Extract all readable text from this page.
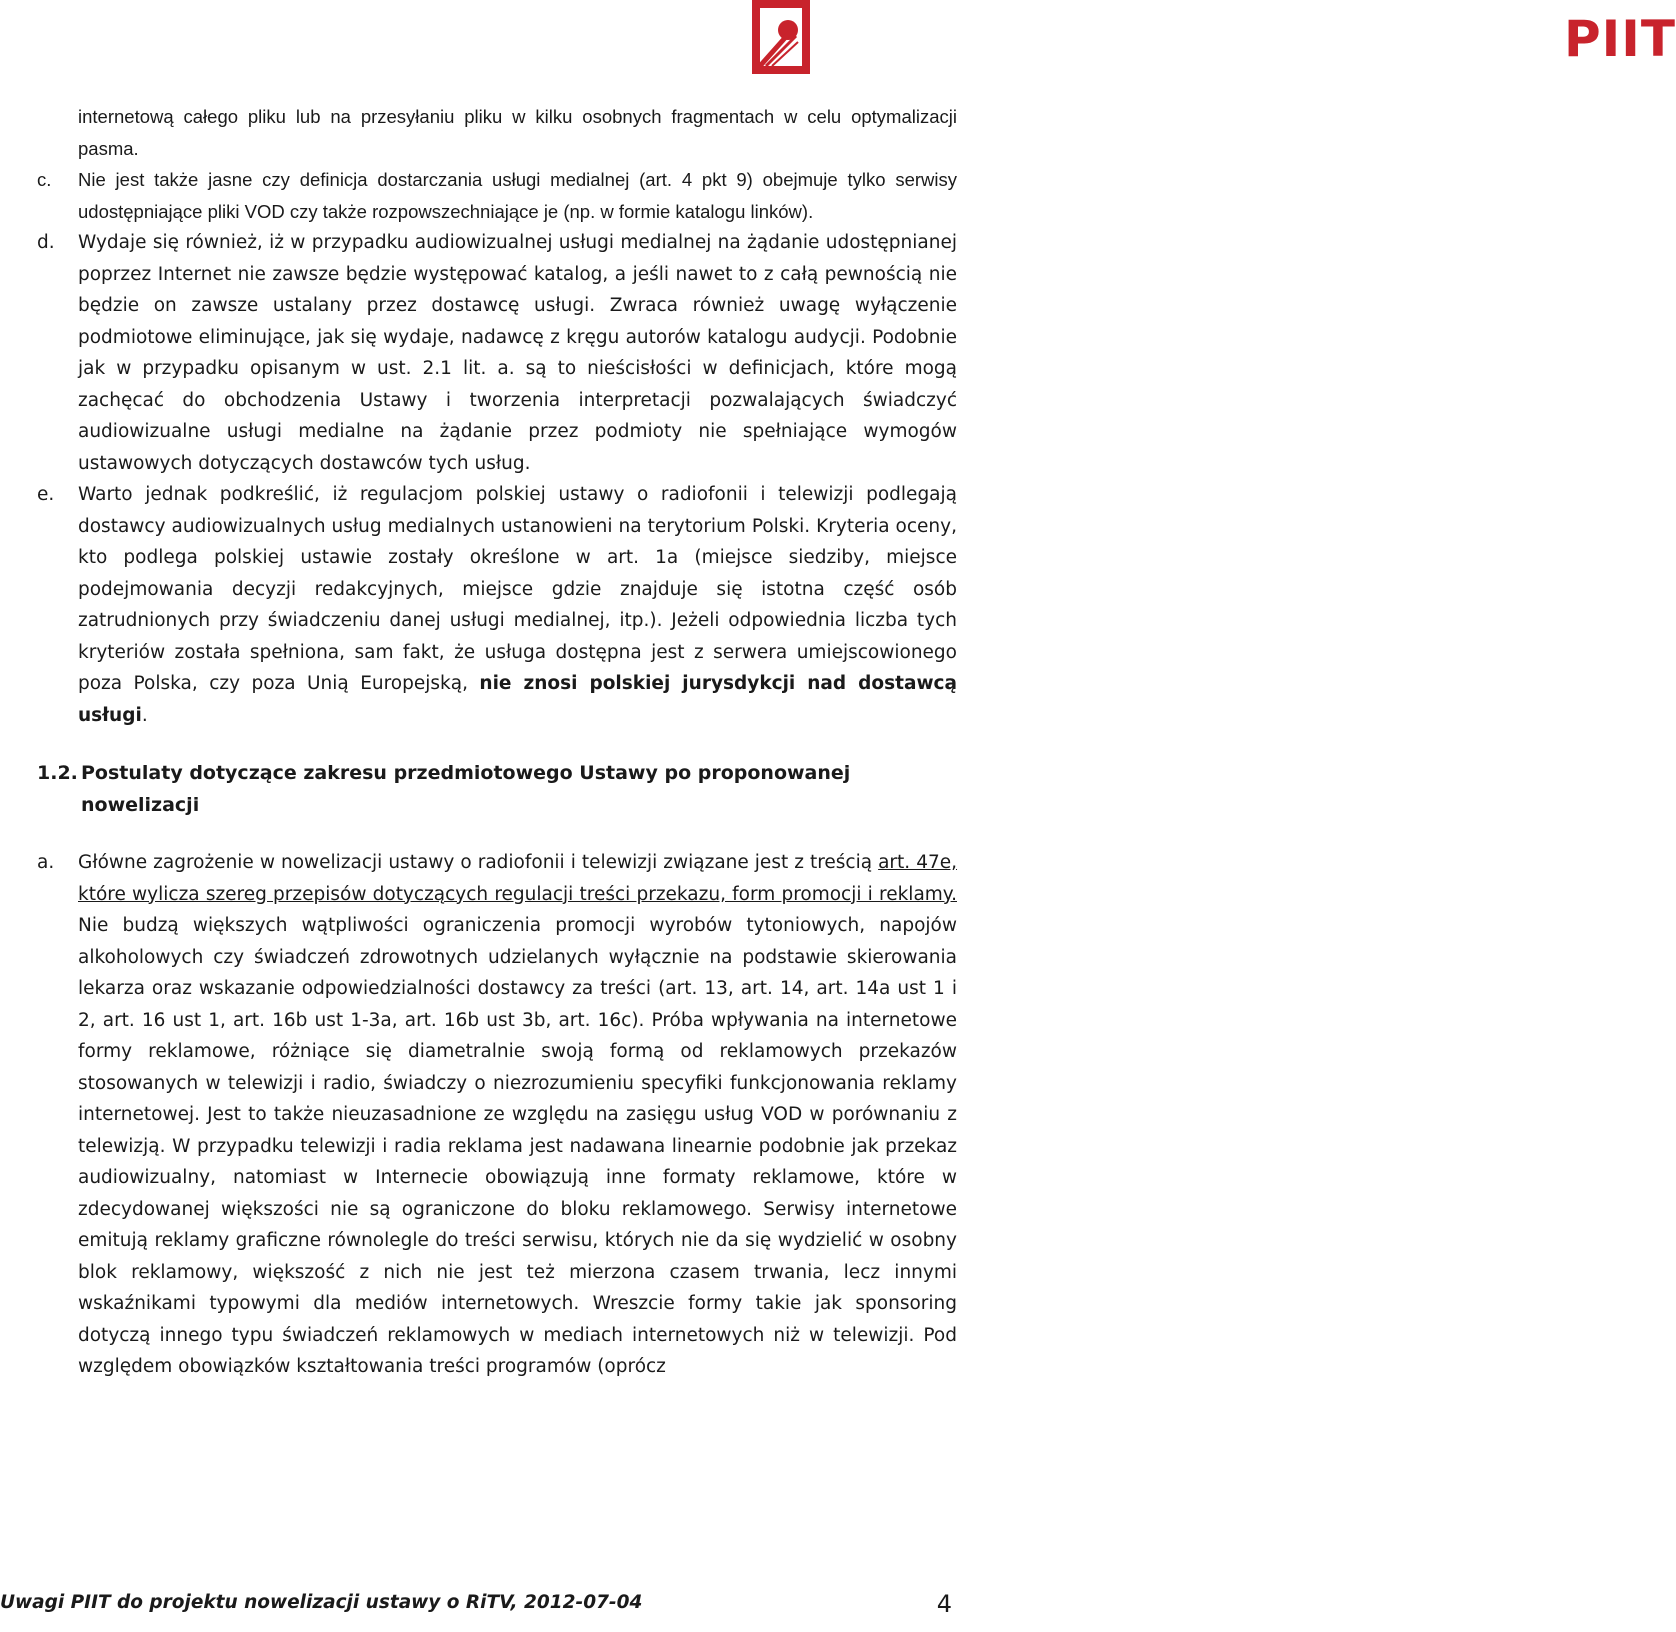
PIIT
internetową całego pliku lub na przesyłaniu pliku w kilku osobnych fragmentach w celu optymalizacji pasma.
c. Nie jest także jasne czy definicja dostarczania usługi medialnej (art. 4 pkt 9) obejmuje tylko serwisy udostępniające pliki VOD czy także rozpowszechniające je (np. w formie katalogu linków).
d. Wydaje się również, iż w przypadku audiowizualnej usługi medialnej na żądanie udostępnianej poprzez Internet nie zawsze będzie występować katalog, a jeśli nawet to z całą pewnością nie będzie on zawsze ustalany przez dostawcę usługi. Zwraca również uwagę wyłączenie podmiotowe eliminujące, jak się wydaje, nadawcę z kręgu autorów katalogu audycji. Podobnie jak w przypadku opisanym w ust. 2.1 lit. a. są to nieścisłości w definicjach, które mogą zachęcać do obchodzenia Ustawy i tworzenia interpretacji pozwalających świadczyć audiowizualne usługi medialne na żądanie przez podmioty nie spełniające wymogów ustawowych dotyczących dostawców tych usług.
e. Warto jednak podkreślić, iż regulacjom polskiej ustawy o radiofonii i telewizji podlegają dostawcy audiowizualnych usług medialnych ustanowieni na terytorium Polski. Kryteria oceny, kto podlega polskiej ustawie zostały określone w art. 1a (miejsce siedziby, miejsce podejmowania decyzji redakcyjnych, miejsce gdzie znajduje się istotna część osób zatrudnionych przy świadczeniu danej usługi medialnej, itp.). Jeżeli odpowiednia liczba tych kryteriów została spełniona, sam fakt, że usługa dostępna jest z serwera umiejscowionego poza Polska, czy poza Unią Europejską, nie znosi polskiej jurysdykcji nad dostawcą usługi.
1.2. Postulaty dotyczące zakresu przedmiotowego Ustawy po proponowanej nowelizacji
a. Główne zagrożenie w nowelizacji ustawy o radiofonii i telewizji związane jest z treścią art. 47e, które wylicza szereg przepisów dotyczących regulacji treści przekazu, form promocji i reklamy. Nie budzą większych wątpliwości ograniczenia promocji wyrobów tytoniowych, napojów alkoholowych czy świadczeń zdrowotnych udzielanych wyłącznie na podstawie skierowania lekarza oraz wskazanie odpowiedzialności dostawcy za treści (art. 13, art. 14, art. 14a ust 1 i 2, art. 16 ust 1, art. 16b ust 1-3a, art. 16b ust 3b, art. 16c). Próba wpływania na internetowe formy reklamowe, różniące się diametralnie swoją formą od reklamowych przekazów stosowanych w telewizji i radio, świadczy o niezrozumieniu specyfiki funkcjonowania reklamy internetowej. Jest to także nieuzasadnione ze względu na zasięgu usług VOD w porównaniu z telewizją. W przypadku telewizji i radia reklama jest nadawana linearnie podobnie jak przekaz audiowizualny, natomiast w Internecie obowiązują inne formaty reklamowe, które w zdecydowanej większości nie są ograniczone do bloku reklamowego. Serwisy internetowe emitują reklamy graficzne równolegle do treści serwisu, których nie da się wydzielić w osobny blok reklamowy, większość z nich nie jest też mierzona czasem trwania, lecz innymi wskaźnikami typowymi dla mediów internetowych. Wreszcie formy takie jak sponsoring dotyczą innego typu świadczeń reklamowych w mediach internetowych niż w telewizji. Pod względem obowiązków kształtowania treści programów (oprócz
Uwagi PIIT do projektu nowelizacji ustawy o RiTV, 2012-07-04	4
